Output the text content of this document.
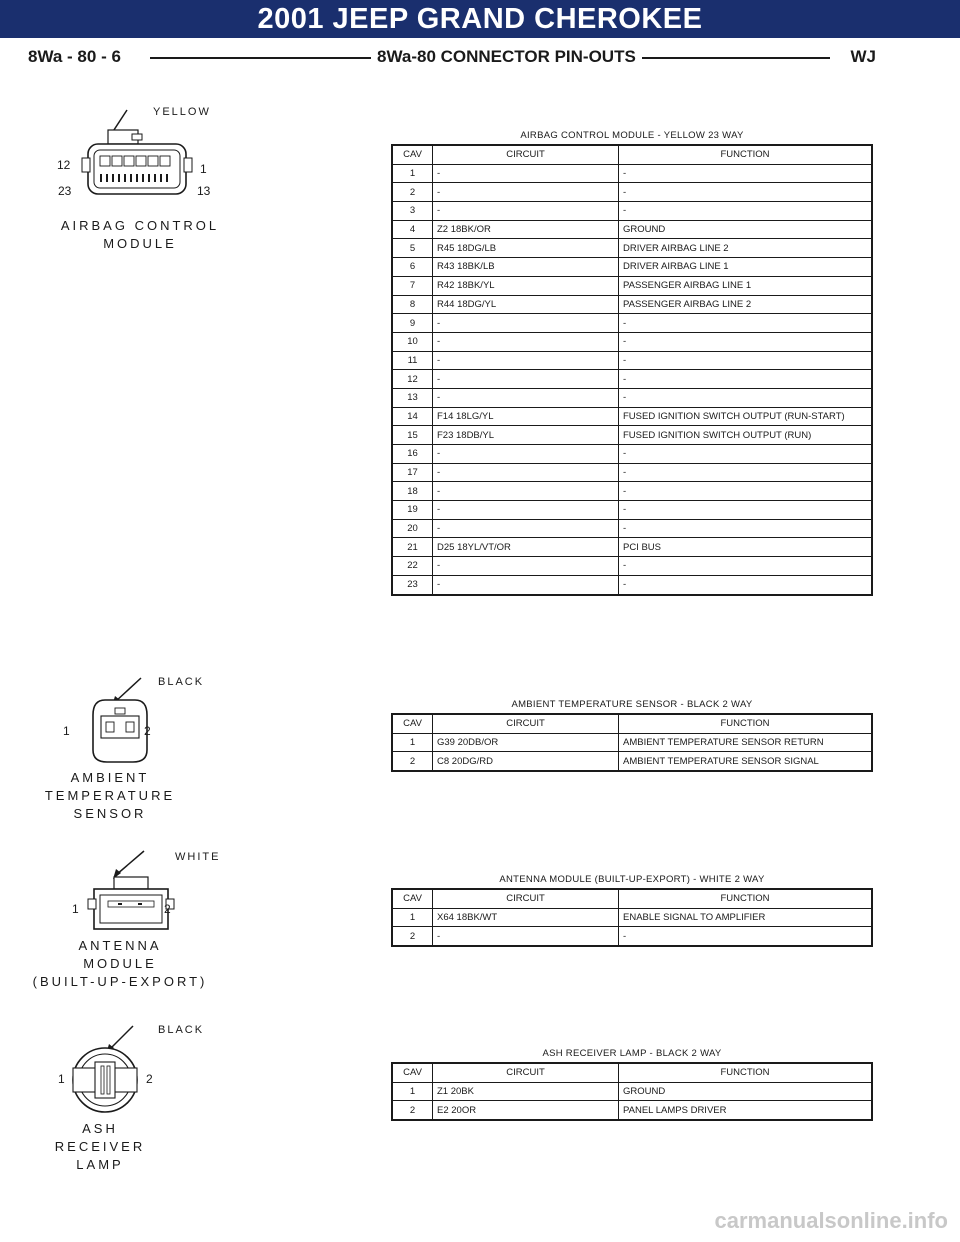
2001 JEEP GRAND CHEROKEE
8Wa - 80 - 6	8Wa-80 CONNECTOR PIN-OUTS	WJ
YELLOW
12	1
23	13
AIRBAG CONTROL
MODULE
AIRBAG CONTROL MODULE - YELLOW 23 WAY
CAV	CIRCUIT	FUNCTION
1	-	-
2	-	-
3	-	-
4	Z2 18BK/OR	GROUND
5	R45 18DG/LB	DRIVER AIRBAG LINE 2
6	R43 18BK/LB	DRIVER AIRBAG LINE 1
7	R42 18BK/YL	PASSENGER AIRBAG LINE 1
8	R44 18DG/YL	PASSENGER AIRBAG LINE 2
9	-	-
10	-	-
11	-	-
12	-	-
13	-	-
14	F14 18LG/YL	FUSED IGNITION SWITCH OUTPUT (RUN-START)
15	F23 18DB/YL	FUSED IGNITION SWITCH OUTPUT (RUN)
16	-	-
17	-	-
18	-	-
19	-	-
20	-	-
21	D25 18YL/VT/OR	PCI BUS
22	-	-
23	-	-
BLACK
1	2
AMBIENT
TEMPERATURE
SENSOR
AMBIENT TEMPERATURE SENSOR - BLACK 2 WAY
CAV	CIRCUIT	FUNCTION
1	G39 20DB/OR	AMBIENT TEMPERATURE SENSOR RETURN
2	C8 20DG/RD	AMBIENT TEMPERATURE SENSOR SIGNAL
WHITE
1	2
ANTENNA
MODULE
(BUILT-UP-EXPORT)
ANTENNA MODULE (BUILT-UP-EXPORT) - WHITE 2 WAY
CAV	CIRCUIT	FUNCTION
1	X64 18BK/WT	ENABLE SIGNAL TO AMPLIFIER
2	-	-
BLACK
1	2
ASH
RECEIVER
LAMP
ASH RECEIVER LAMP - BLACK 2 WAY
CAV	CIRCUIT	FUNCTION
1	Z1 20BK	GROUND
2	E2 20OR	PANEL LAMPS DRIVER
carmanualsonline.info
